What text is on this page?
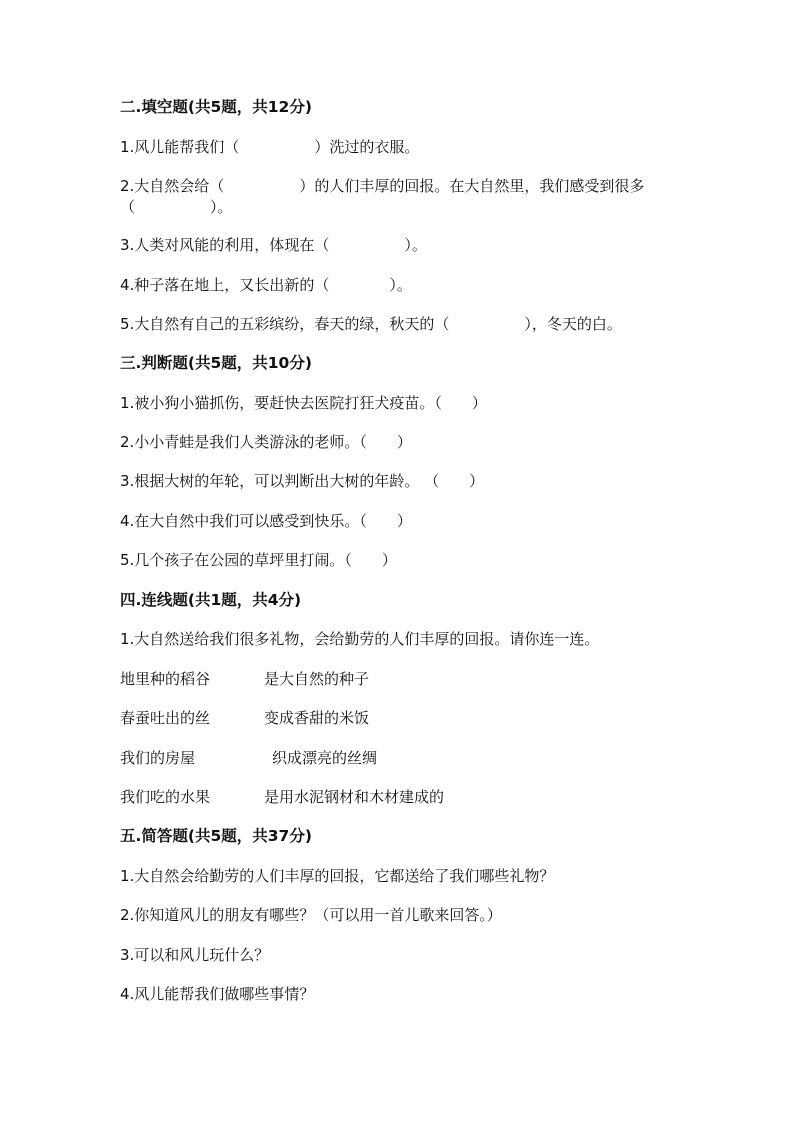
二.填空题(共5题，共12分)
1.风儿能帮我们（　　　　　）洗过的衣服。
2.大自然会给（　　　　　）的人们丰厚的回报。在大自然里，我们感受到很多
（　　　　　）。
3.人类对风能的利用，体现在（　　　　　）。
4.种子落在地上，又长出新的（　　　　）。
5.大自然有自己的五彩缤纷，春天的绿，秋天的（　　　　　），冬天的白。
三.判断题(共5题，共10分)
1.被小狗小猫抓伤，要赶快去医院打狂犬疫苗。（　　）
2.小小青蛙是我们人类游泳的老师。（　　）
3.根据大树的年轮，可以判断出大树的年龄。 （　　）
4.在大自然中我们可以感受到快乐。（　　）
5.几个孩子在公园的草坪里打闹。（　　）
四.连线题(共1题，共4分)
1.大自然送给我们很多礼物，会给勤劳的人们丰厚的回报。请你连一连。
地里种的稻谷	是大自然的种子
春蚕吐出的丝	变成香甜的米饭
我们的房屋	织成漂亮的丝绸
我们吃的水果	是用水泥钢材和木材建成的
五.简答题(共5题，共37分)
1.大自然会给勤劳的人们丰厚的回报，它都送给了我们哪些礼物？
2.你知道风儿的朋友有哪些？（可以用一首儿歌来回答。）
3.可以和风儿玩什么？
4.风儿能帮我们做哪些事情？
